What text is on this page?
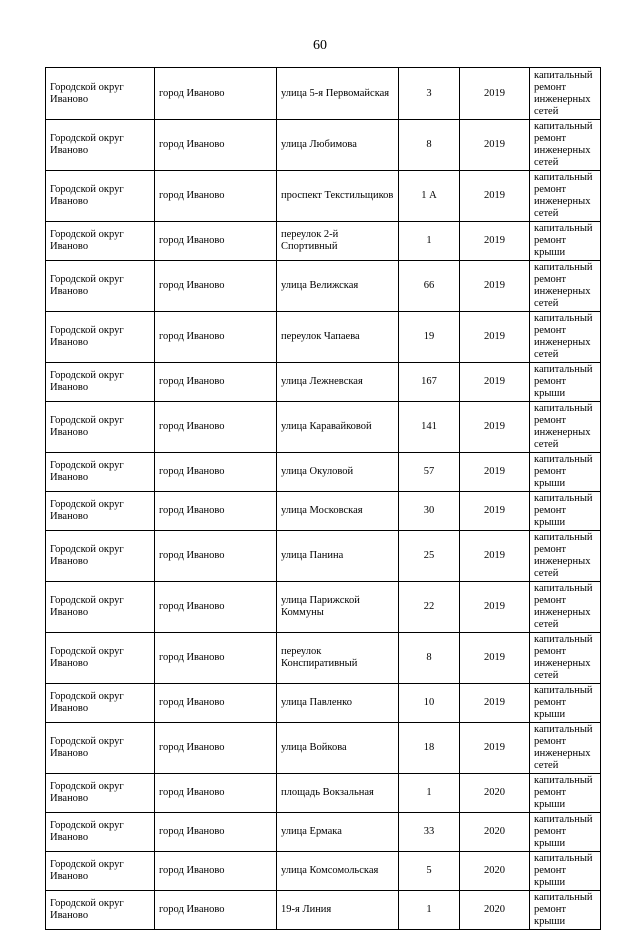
60
Городской округ Иваново	город Иваново	улица 5-я Первомайская	3	2019	капитальный ремонт инженерных сетей
Городской округ Иваново	город Иваново	улица Любимова	8	2019	капитальный ремонт инженерных сетей
Городской округ Иваново	город Иваново	проспект Текстильщиков	1 А	2019	капитальный ремонт инженерных сетей
Городской округ Иваново	город Иваново	переулок 2-й Спортивный	1	2019	капитальный ремонт крыши
Городской округ Иваново	город Иваново	улица Велижская	66	2019	капитальный ремонт инженерных сетей
Городской округ Иваново	город Иваново	переулок Чапаева	19	2019	капитальный ремонт инженерных сетей
Городской округ Иваново	город Иваново	улица Лежневская	167	2019	капитальный ремонт крыши
Городской округ Иваново	город Иваново	улица Каравайковой	141	2019	капитальный ремонт инженерных сетей
Городской округ Иваново	город Иваново	улица Окуловой	57	2019	капитальный ремонт крыши
Городской округ Иваново	город Иваново	улица Московская	30	2019	капитальный ремонт крыши
Городской округ Иваново	город Иваново	улица Панина	25	2019	капитальный ремонт инженерных сетей
Городской округ Иваново	город Иваново	улица Парижской Коммуны	22	2019	капитальный ремонт инженерных сетей
Городской округ Иваново	город Иваново	переулок Конспиративный	8	2019	капитальный ремонт инженерных сетей
Городской округ Иваново	город Иваново	улица Павленко	10	2019	капитальный ремонт крыши
Городской округ Иваново	город Иваново	улица Войкова	18	2019	капитальный ремонт инженерных сетей
Городской округ Иваново	город Иваново	площадь Вокзальная	1	2020	капитальный ремонт крыши
Городской округ Иваново	город Иваново	улица Ермака	33	2020	капитальный ремонт крыши
Городской округ Иваново	город Иваново	улица Комсомольская	5	2020	капитальный ремонт крыши
Городской округ Иваново	город Иваново	19-я Линия	1	2020	капитальный ремонт крыши
